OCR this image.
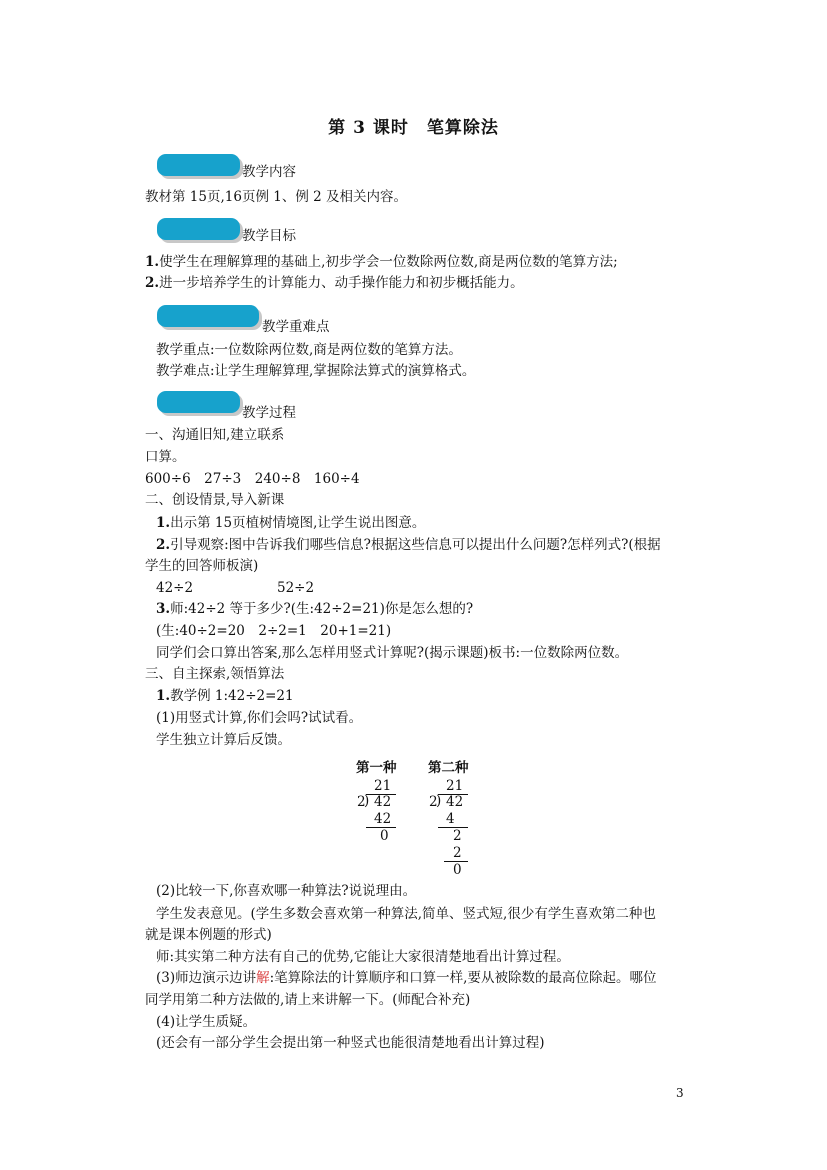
第 3 课时　笔算除法
教学内容
教材第 15页,16页例 1、例 2 及相关内容。
教学目标
1.使学生在理解算理的基础上,初步学会一位数除两位数,商是两位数的笔算方法;
2.进一步培养学生的计算能力、动手操作能力和初步概括能力。
教学重难点
教学重点:一位数除两位数,商是两位数的笔算方法。
教学难点:让学生理解算理,掌握除法算式的演算格式。
教学过程
一、沟通旧知,建立联系
口算。
600÷6　27÷3　240÷8　160÷4
二、创设情景,导入新课
1.出示第 15页植树情境图,让学生说出图意。
2.引导观察:图中告诉我们哪些信息?根据这些信息可以提出什么问题?怎样列式?(根据
学生的回答师板演)
42÷2	52÷2
3.师:42÷2 等于多少?(生:42÷2=21)你是怎么想的?
(生:40÷2=20　2÷2=1　20+1=21)
同学们会口算出答案,那么怎样用竖式计算呢?(揭示课题)板书:一位数除两位数。
三、自主探索,领悟算法
1.教学例 1:42÷2=21
(1)用竖式计算,你们会吗?试试看。
学生独立计算后反馈。
第一种
21
2
) 42
42
0
第二种
21
2
) 42
4
2
2
0
(2)比较一下,你喜欢哪一种算法?说说理由。
学生发表意见。(学生多数会喜欢第一种算法,简单、竖式短,很少有学生喜欢第二种也
就是课本例题的形式)
师:其实第二种方法有自己的优势,它能让大家很清楚地看出计算过程。
(3)师边演示边讲解:笔算除法的计算顺序和口算一样,要从被除数的最高位除起。哪位
同学用第二种方法做的,请上来讲解一下。(师配合补充)
(4)让学生质疑。
(还会有一部分学生会提出第一种竖式也能很清楚地看出计算过程)
3
